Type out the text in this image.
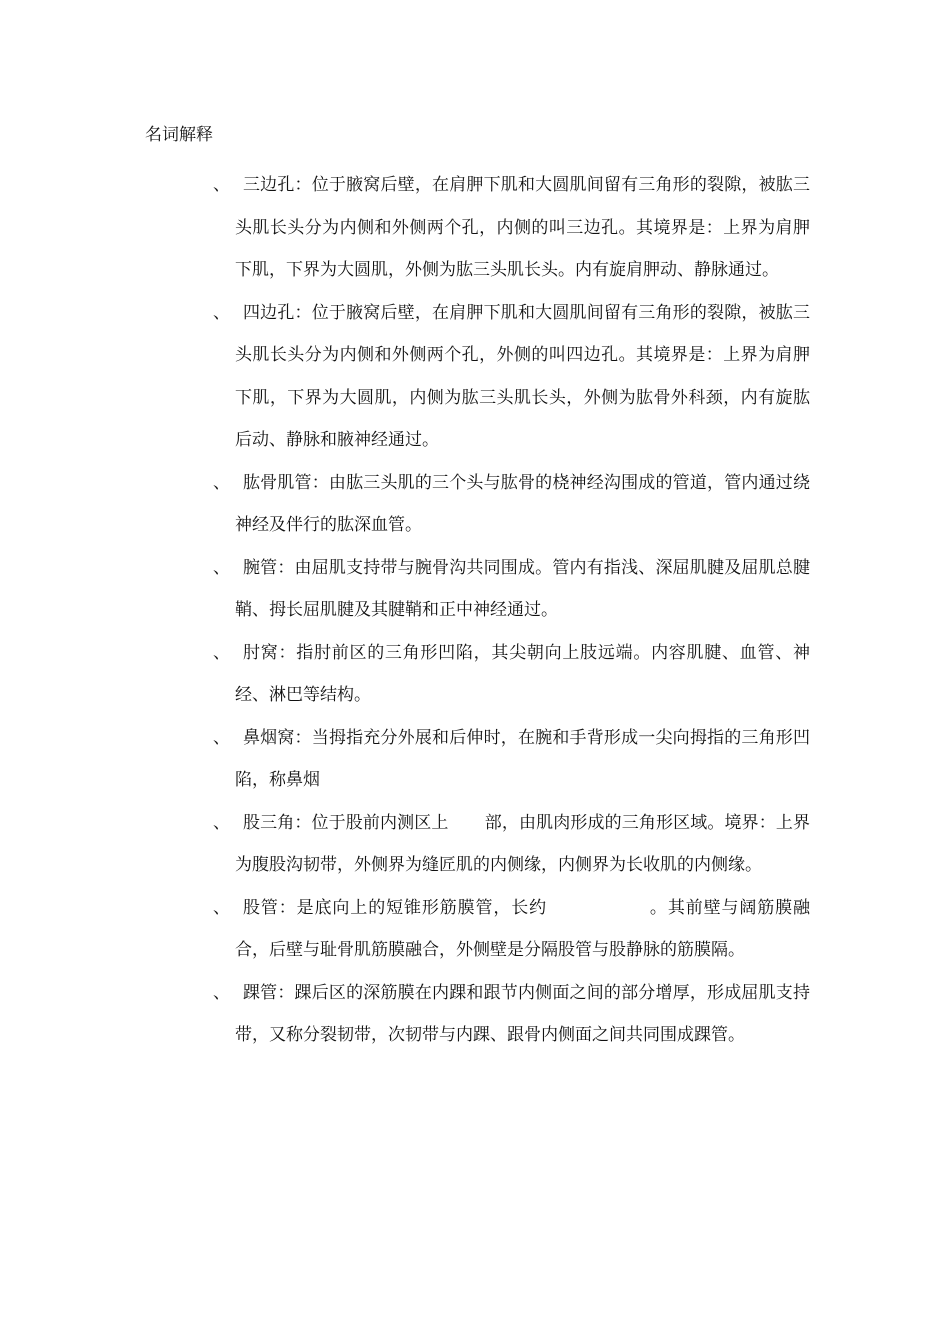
名词解释
、 三边孔：位于腋窝后壁，在肩胛下肌和大圆肌间留有三角形的裂隙，被肱三头肌长头分为内侧和外侧两个孔，内侧的叫三边孔。其境界是：上界为肩胛下肌，下界为大圆肌，外侧为肱三头肌长头。内有旋肩胛动、静脉通过。
、 四边孔：位于腋窝后壁，在肩胛下肌和大圆肌间留有三角形的裂隙，被肱三头肌长头分为内侧和外侧两个孔，外侧的叫四边孔。其境界是：上界为肩胛下肌，下界为大圆肌，内侧为肱三头肌长头，外侧为肱骨外科颈，内有旋肱后动、静脉和腋神经通过。
、 肱骨肌管：由肱三头肌的三个头与肱骨的桡神经沟围成的管道，管内通过绕神经及伴行的肱深血管。
、 腕管：由屈肌支持带与腕骨沟共同围成。管内有指浅、深屈肌腱及屈肌总腱鞘、拇长屈肌腱及其腱鞘和正中神经通过。
、 肘窝：指肘前区的三角形凹陷，其尖朝向上肢远端。内容肌腱、血管、神经、淋巴等结构。
、 鼻烟窝：当拇指充分外展和后伸时，在腕和手背形成一尖向拇指的三角形凹陷，称鼻烟
、 股三角：位于股前内测区上 部，由肌肉形成的三角形区域。境界：上界为腹股沟韧带，外侧界为缝匠肌的内侧缘，内侧界为长收肌的内侧缘。
、 股管：是底向上的短锥形筋膜管，长约	。其前壁与阔筋膜融合，后壁与耻骨肌筋膜融合，外侧壁是分隔股管与股静脉的筋膜隔。
、 踝管：踝后区的深筋膜在内踝和跟节内侧面之间的部分增厚，形成屈肌支持带，又称分裂韧带，次韧带与内踝、跟骨内侧面之间共同围成踝管。
